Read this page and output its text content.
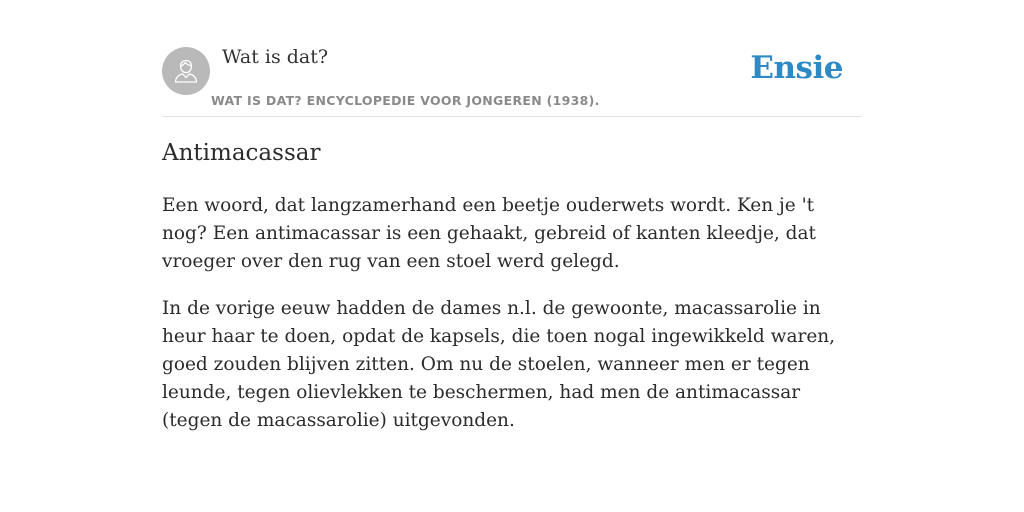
Wat is dat?
WAT IS DAT? ENCYCLOPEDIE VOOR JONGEREN (1938).
Ensie
Antimacassar

Een woord, dat langzamerhand een beetje ouderwets wordt. Ken je 't nog? Een antimacassar is een gehaakt, gebreid of kanten kleedje, dat vroeger over den rug van een stoel werd gelegd.

In de vorige eeuw hadden de dames n.l. de gewoonte, macassarolie in heur haar te doen, opdat de kapsels, die toen nogal ingewikkeld waren, goed zouden blijven zitten. Om nu de stoelen, wanneer men er tegen leunde, tegen olievlekken te beschermen, had men de antimacassar (tegen de macassarolie) uitgevonden.
